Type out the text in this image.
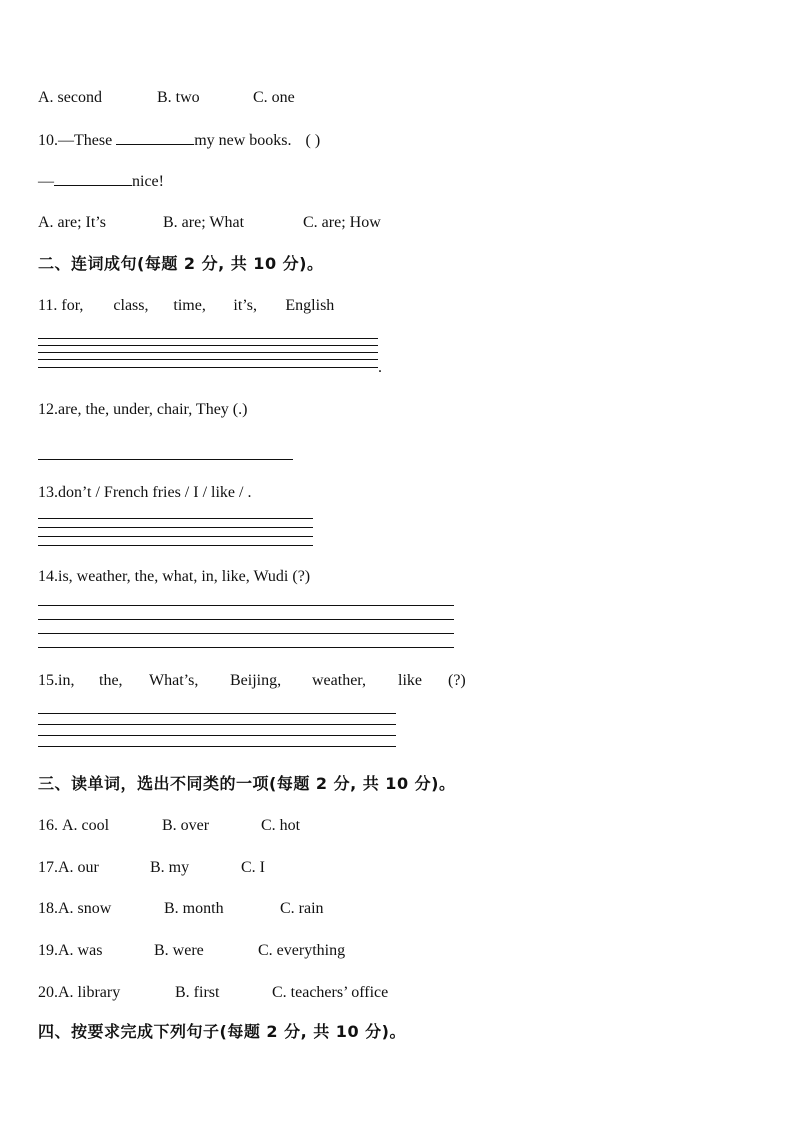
A. second	B. two	C. one
10.—These	my new books. ( )
—	nice!
A. are; It’s	B. are; What	C. are; How
二、连词成句(每题 2 分, 共 10 分)。
11. for, class, time, it’s, English
.
12.are, the, under, chair, They (.)
13.don’t / French fries / I / like / .
14.is, weather, the, what, in, like, Wudi (?)
15.in, the, What’s, Beijing, weather, like (?)
三、读单词，选出不同类的一项(每题 2 分, 共 10 分)。
16. A. cool	B. over	C. hot
17.A. our	B. my	C. I
18.A. snow	B. month	C. rain
19.A. was	B. were	C. everything
20.A. library	B. first	C. teachers’ office
四、按要求完成下列句子(每题 2 分, 共 10 分)。
